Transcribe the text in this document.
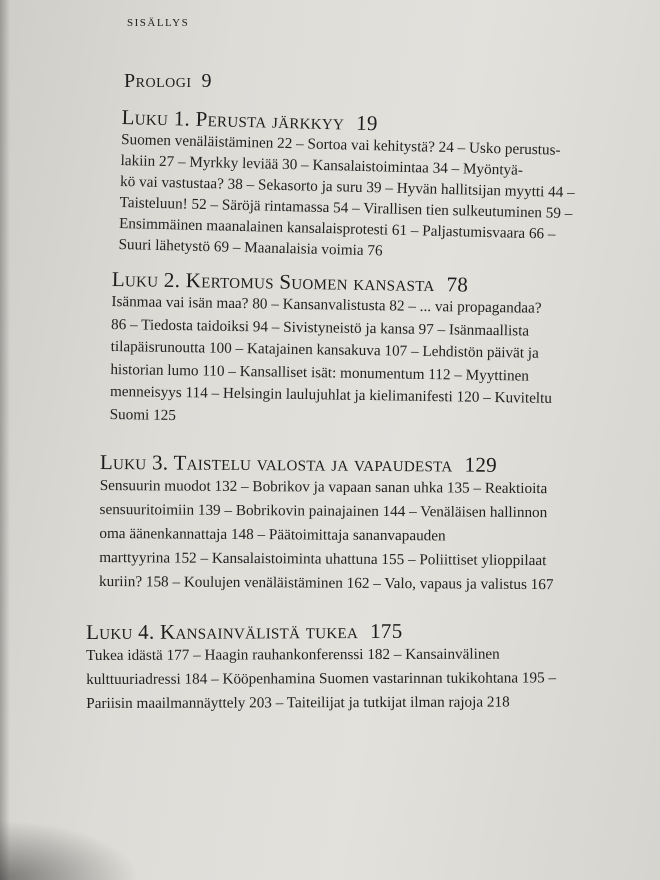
sisällys
Prologi 9
Luku 1. Perusta järkkyy 19

Suomen venäläistäminen 22 – Sortoa vai kehitystä? 24 – Usko perustus-
lakiin 27 – Myrkky leviää 30 – Kansalaistoimintaa 34 – Myöntyä-
kö vai vastustaa? 38 – Sekasorto ja suru 39 – Hyvän hallitsijan myytti 44 –
Taisteluun! 52 – Säröjä rintamassa 54 – Virallisen tien sulkeutuminen 59 –
Ensimmäinen maanalainen kansalaisprotesti 61 – Paljastumisvaara 66 –
Suuri lähetystö 69 – Maanalaisia voimia 76

Luku 2. Kertomus Suomen kansasta 78

Isänmaa vai isän maa? 80 – Kansanvalistusta 82 – ... vai propagandaa?
86 – Tiedosta taidoiksi 94 – Sivistyneistö ja kansa 97 – Isänmaallista
tilapäisrunoutta 100 – Katajainen kansakuva 107 – Lehdistön päivät ja
historian lumo 110 – Kansalliset isät: monumentum 112 – Myyttinen
menneisyys 114 – Helsingin laulujuhlat ja kielimanifesti 120 – Kuviteltu
Suomi 125

Luku 3. Taistelu valosta ja vapaudesta 129

Sensuurin muodot 132 – Bobrikov ja vapaan sanan uhka 135 – Reaktioita
sensuuritoimiin 139 – Bobrikovin painajainen 144 – Venäläisen hallinnon
oma äänenkannattaja 148 – Päätoimittaja sananvapauden
marttyyrina 152 – Kansalaistoiminta uhattuna 155 – Poliittiset ylioppilaat
kuriin? 158 – Koulujen venäläistäminen 162 – Valo, vapaus ja valistus 167

Luku 4. Kansainvälistä tukea 175

Tukea idästä 177 – Haagin rauhankonferenssi 182 – Kansainvälinen
kulttuuriadressi 184 – Kööpenhamina Suomen vastarinnan tukikohtana 195 –
Pariisin maailmannäyttely 203 – Taiteilijat ja tutkijat ilman rajoja 218
